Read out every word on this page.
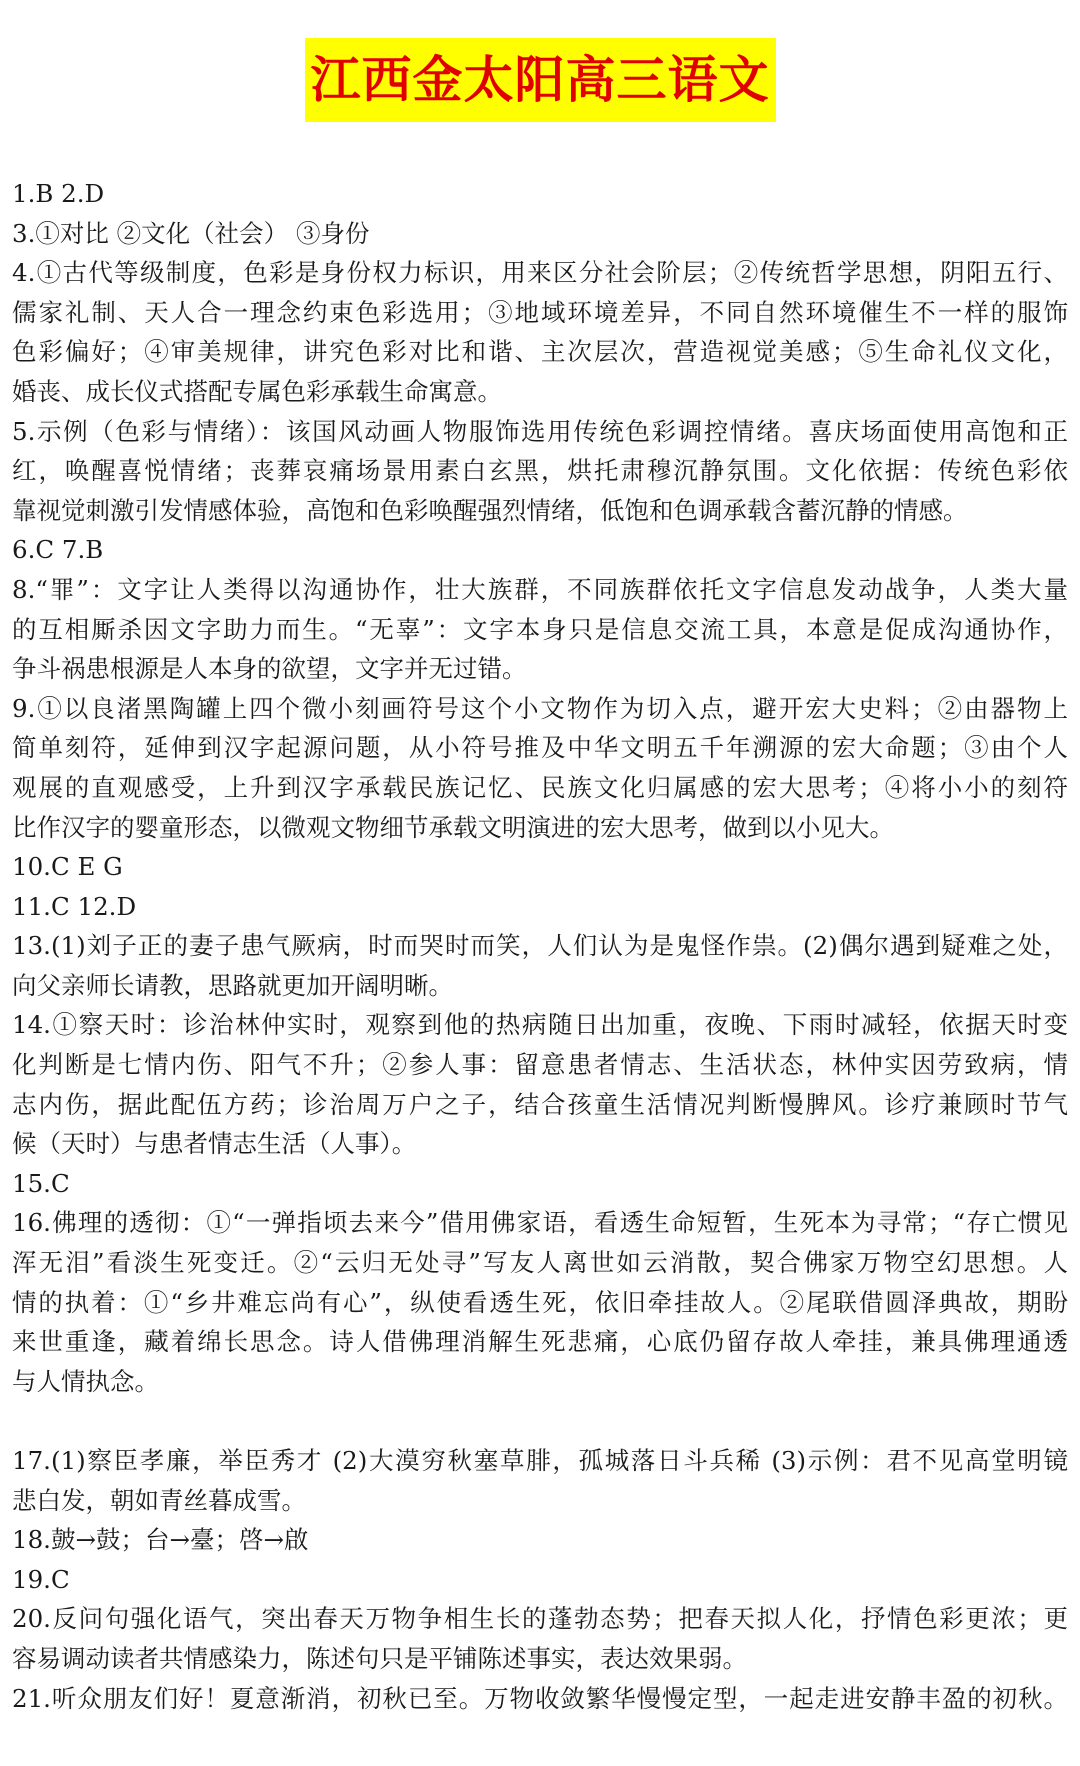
江西金太阳高三语文
1.B 2.D
3.①对比 ②文化（社会） ③身份
4.①古代等级制度，色彩是身份权力标识，用来区分社会阶层；②传统哲学思想，阴阳五行、
儒家礼制、天人合一理念约束色彩选用；③地域环境差异，不同自然环境催生不一样的服饰
色彩偏好；④审美规律，讲究色彩对比和谐、主次层次，营造视觉美感；⑤生命礼仪文化，
婚丧、成长仪式搭配专属色彩承载生命寓意。
5.示例（色彩与情绪）：该国风动画人物服饰选用传统色彩调控情绪。喜庆场面使用高饱和正
红，唤醒喜悦情绪；丧葬哀痛场景用素白玄黑，烘托肃穆沉静氛围。文化依据：传统色彩依
靠视觉刺激引发情感体验，高饱和色彩唤醒强烈情绪，低饱和色调承载含蓄沉静的情感。
6.C 7.B
8.“罪”：文字让人类得以沟通协作，壮大族群，不同族群依托文字信息发动战争，人类大量
的互相厮杀因文字助力而生。“无辜”：文字本身只是信息交流工具，本意是促成沟通协作，
争斗祸患根源是人本身的欲望，文字并无过错。
9.①以良渚黑陶罐上四个微小刻画符号这个小文物作为切入点，避开宏大史料；②由器物上
简单刻符，延伸到汉字起源问题，从小符号推及中华文明五千年溯源的宏大命题；③由个人
观展的直观感受，上升到汉字承载民族记忆、民族文化归属感的宏大思考；④将小小的刻符
比作汉字的婴童形态，以微观文物细节承载文明演进的宏大思考，做到以小见大。
10.C E G
11.C 12.D
13.(1)刘子正的妻子患气厥病，时而哭时而笑，人们认为是鬼怪作祟。(2)偶尔遇到疑难之处，
向父亲师长请教，思路就更加开阔明晰。
14.①察天时：诊治林仲实时，观察到他的热病随日出加重，夜晚、下雨时减轻，依据天时变
化判断是七情内伤、阳气不升；②参人事：留意患者情志、生活状态，林仲实因劳致病，情
志内伤，据此配伍方药；诊治周万户之子，结合孩童生活情况判断慢脾风。诊疗兼顾时节气
候（天时）与患者情志生活（人事）。
15.C
16.佛理的透彻：①“一弹指顷去来今”借用佛家语，看透生命短暂，生死本为寻常；“存亡惯见
浑无泪”看淡生死变迁。②“云归无处寻”写友人离世如云消散，契合佛家万物空幻思想。人
情的执着：①“乡井难忘尚有心”，纵使看透生死，依旧牵挂故人。②尾联借圆泽典故，期盼
来世重逢，藏着绵长思念。诗人借佛理消解生死悲痛，心底仍留存故人牵挂，兼具佛理通透
与人情执念。
17.(1)察臣孝廉，举臣秀才 (2)大漠穷秋塞草腓，孤城落日斗兵稀 (3)示例：君不见高堂明镜
悲白发，朝如青丝暮成雪。
18.皷→鼓；台→臺；啓→啟
19.C
20.反问句强化语气，突出春天万物争相生长的蓬勃态势；把春天拟人化，抒情色彩更浓；更
容易调动读者共情感染力，陈述句只是平铺陈述事实，表达效果弱。
21.听众朋友们好！夏意渐消，初秋已至。万物收敛繁华慢慢定型，一起走进安静丰盈的初秋。
